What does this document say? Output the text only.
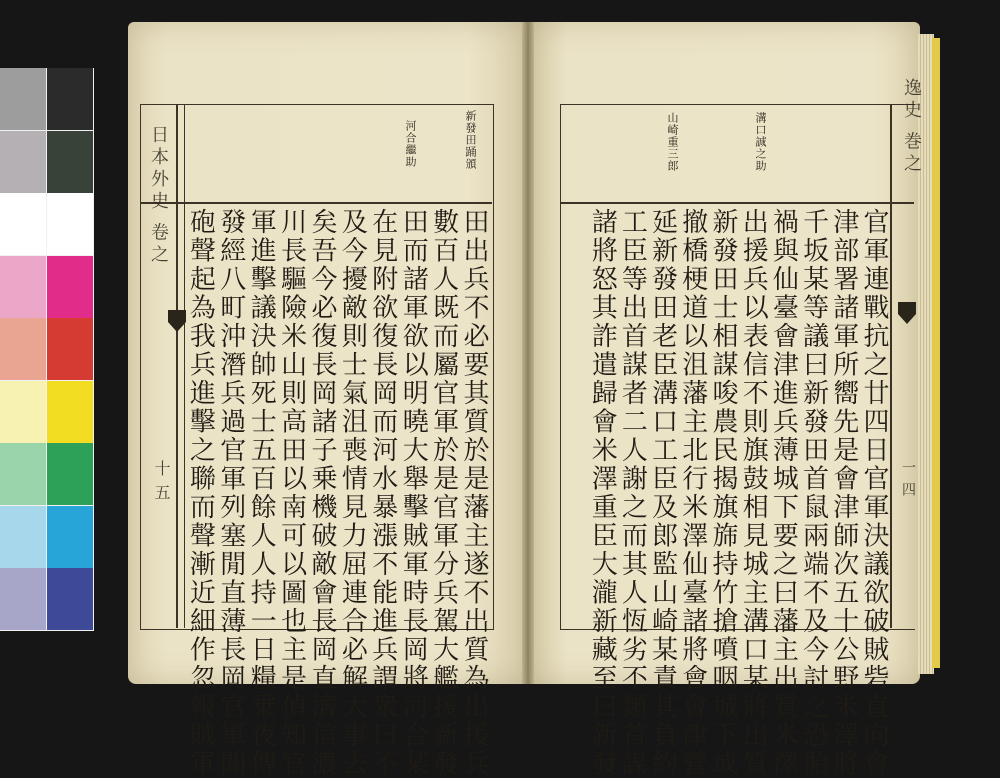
新發田踊頒
河合繼助
日本外史 卷之
十五	田出兵不必要其質於是藩主遂不出質為出援兵
數百人既而屬官軍於是官軍分兵駕大艦援新發
田而諸軍欲以明曉大舉擊賊軍時長岡將河合某
在見附欲復長岡而河水暴漲不能進兵謂衆曰不
及今擾敵則士氣沮喪情見力屈連合必解大事去
矣吾今必復長岡諸子乗機破敵會長岡直濟信濃
川長驅險米山則高田以南可以圖也主是偵知官
軍進擊議決帥死士五百餘人人持一日糧乗夜傳
發經八町沖潛兵過官軍列塞閒直薄長岡官軍聞
砲聲起為我兵進擊之聯而聲漸近細作忽報賊軍
溝口誠之助
山崎重三郎	逸史 巻之
一四
官軍連戰抗之廿四日官軍決議欲破賊砦直向會
津部署諸軍所嚮先是會津師次五十公野米澤將
千坂某等議曰新發田首鼠兩端不及今討之恐貽
禍與仙臺會津進兵薄城下要之曰藩主出質米澤
出援兵以表信不則旗鼓相見城主溝口某將出質
新發田士相謀唆農民揭旗旆持竹搶噴咽城下或
撤橋梗道以沮藩主北行米澤仙臺諸將會會津營
延新發田老臣溝口工臣及郎監山崎某責其負約
工臣等出首謀者二人謝之而其人恆劣不類首謀
諸將怒其詐遣歸會米澤重臣大瀧新藏至曰新發
